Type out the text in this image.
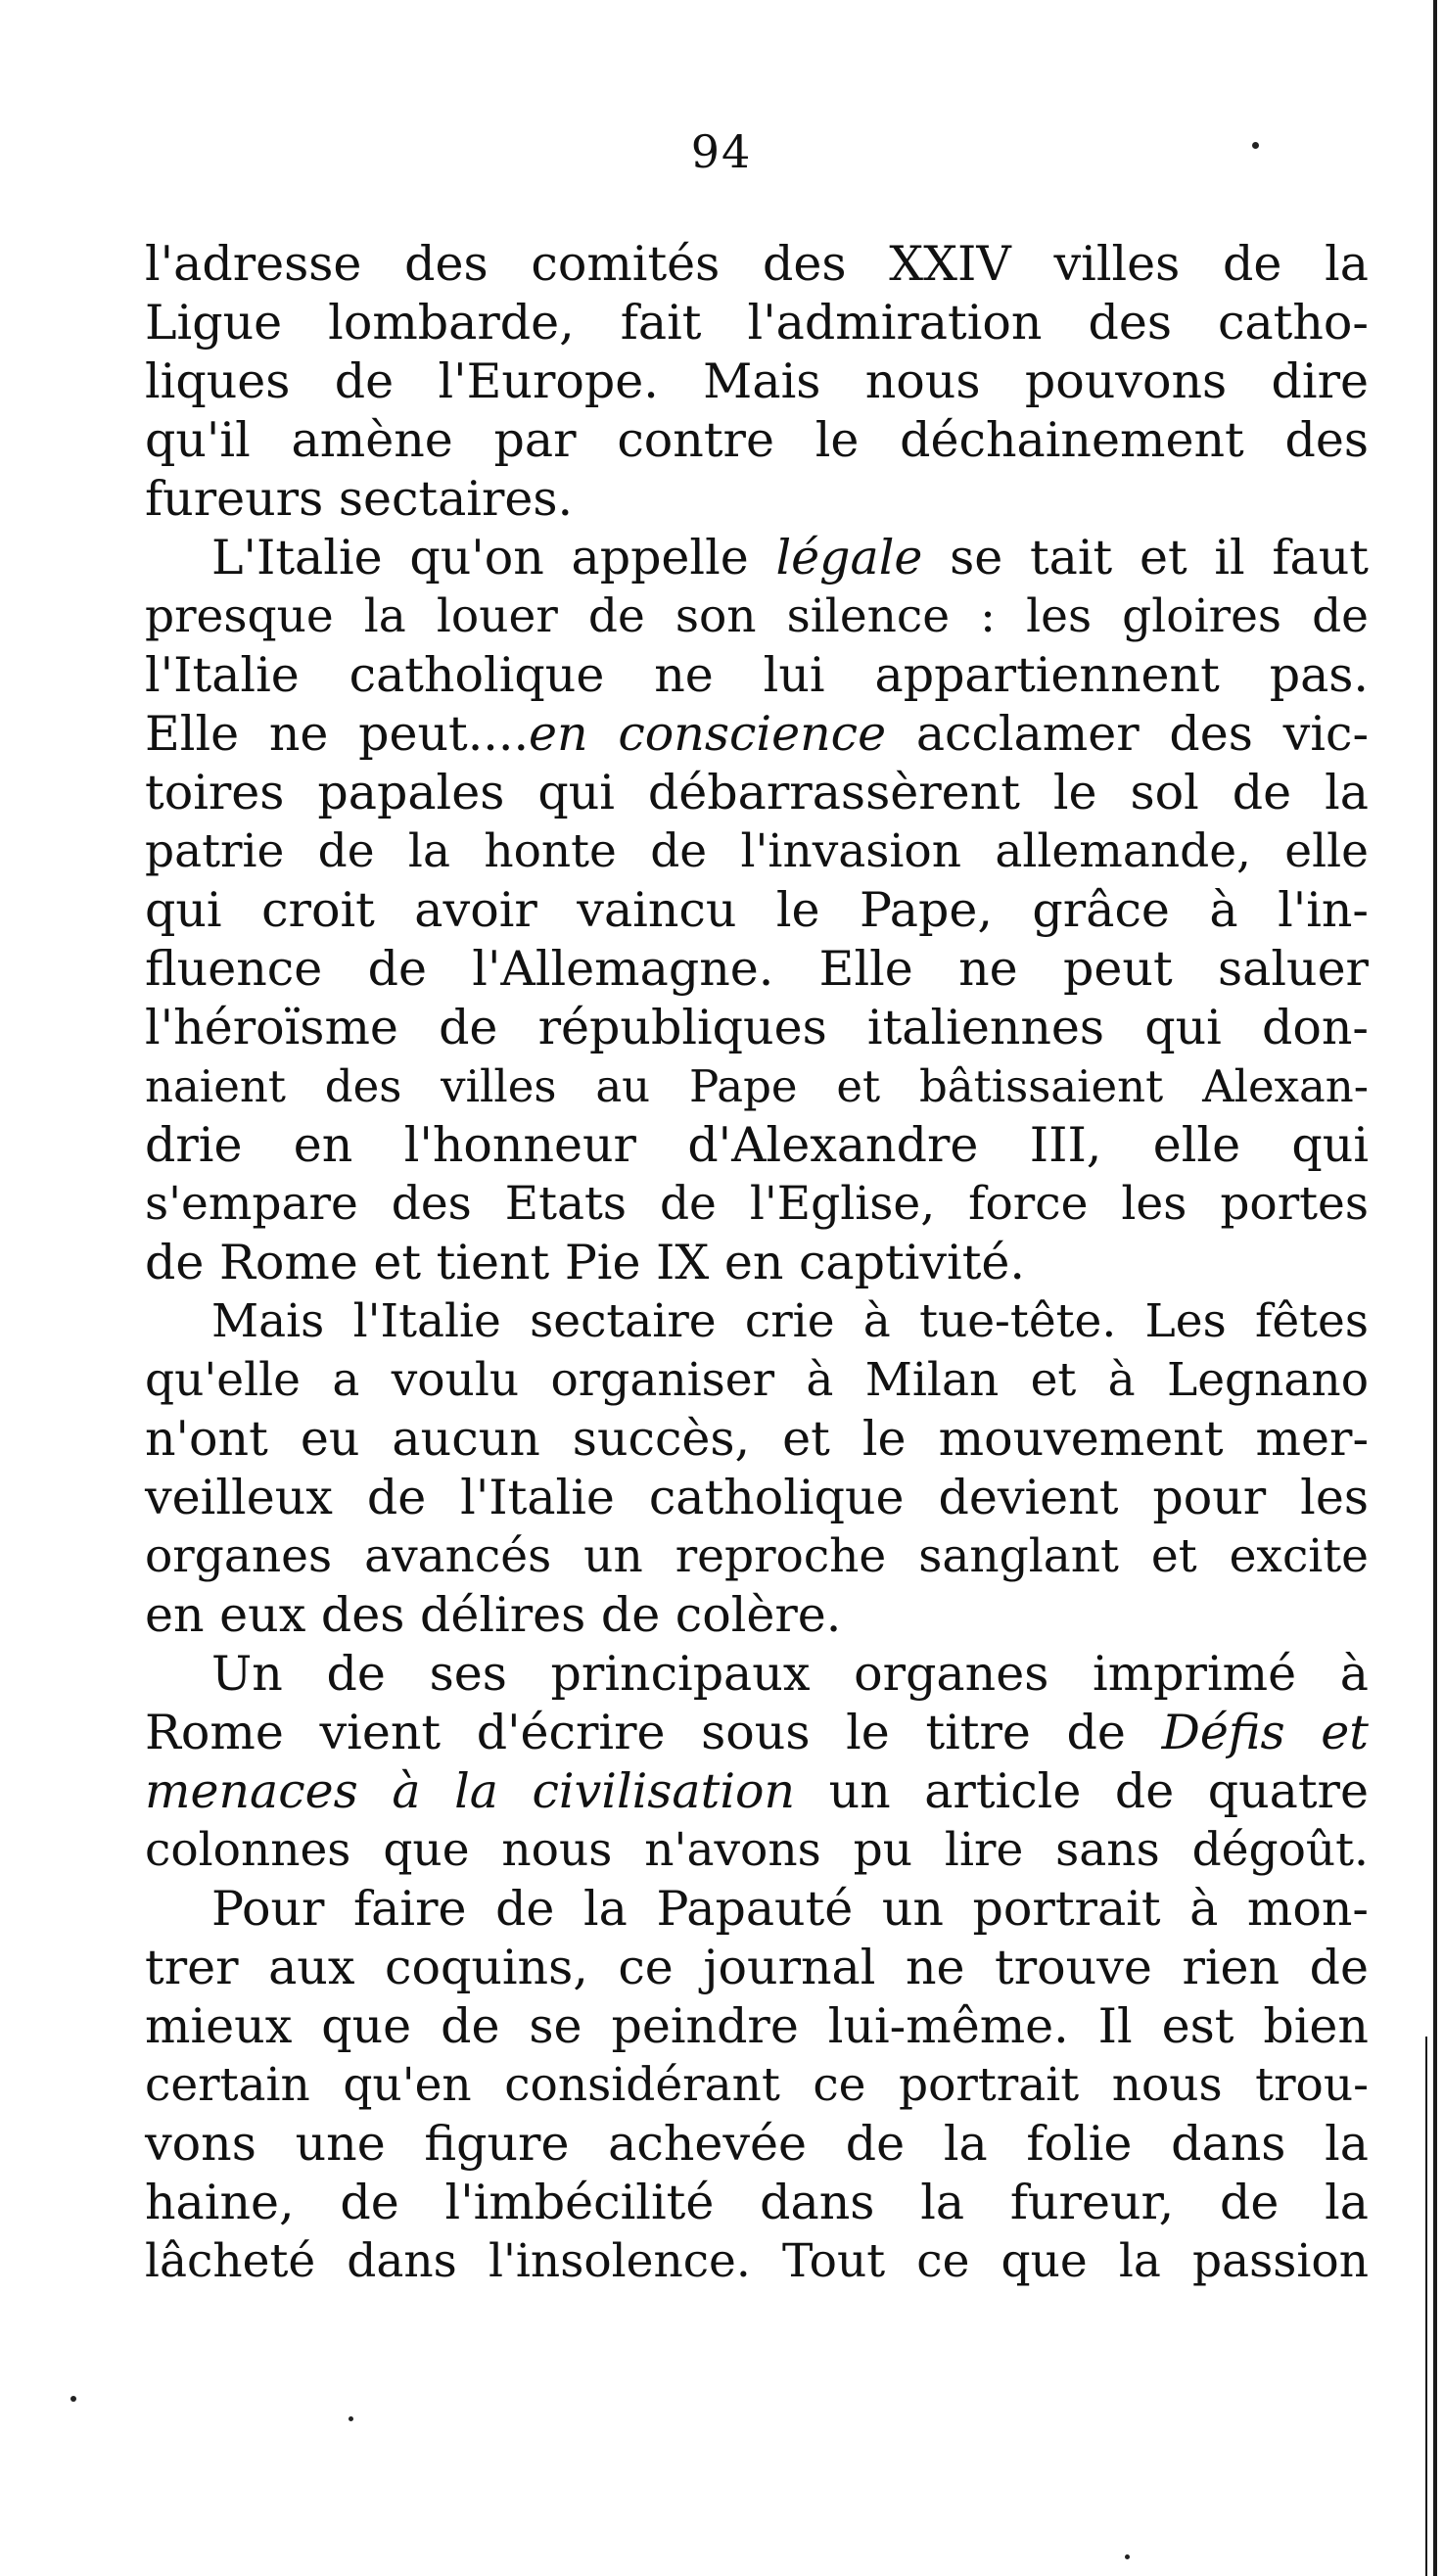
94
l'adresse des comités des XXIV villes de la
Ligue lombarde, fait l'admiration des catho-
liques de l'Europe. Mais nous pouvons dire
qu'il amène par contre le déchainement des
fureurs sectaires.
L'Italie qu'on appelle légale se tait et il faut
presque la louer de son silence : les gloires de
l'Italie catholique ne lui appartiennent pas.
Elle ne peut....en conscience acclamer des vic-
toires papales qui débarrassèrent le sol de la
patrie de la honte de l'invasion allemande, elle
qui croit avoir vaincu le Pape, grâce à l'in-
fluence de l'Allemagne. Elle ne peut saluer
l'héroïsme de républiques italiennes qui don-
naient des villes au Pape et bâtissaient Alexan-
drie en l'honneur d'Alexandre III, elle qui
s'empare des Etats de l'Eglise, force les portes
de Rome et tient Pie IX en captivité.
Mais l'Italie sectaire crie à tue-tête. Les fêtes
qu'elle a voulu organiser à Milan et à Legnano
n'ont eu aucun succès, et le mouvement mer-
veilleux de l'Italie catholique devient pour les
organes avancés un reproche sanglant et excite
en eux des délires de colère.
Un de ses principaux organes imprimé à
Rome vient d'écrire sous le titre de Défis et
menaces à la civilisation un article de quatre
colonnes que nous n'avons pu lire sans dégoût.
Pour faire de la Papauté un portrait à mon-
trer aux coquins, ce journal ne trouve rien de
mieux que de se peindre lui-même. Il est bien
certain qu'en considérant ce portrait nous trou-
vons une figure achevée de la folie dans la
haine, de l'imbécilité dans la fureur, de la
lâcheté dans l'insolence. Tout ce que la passion
